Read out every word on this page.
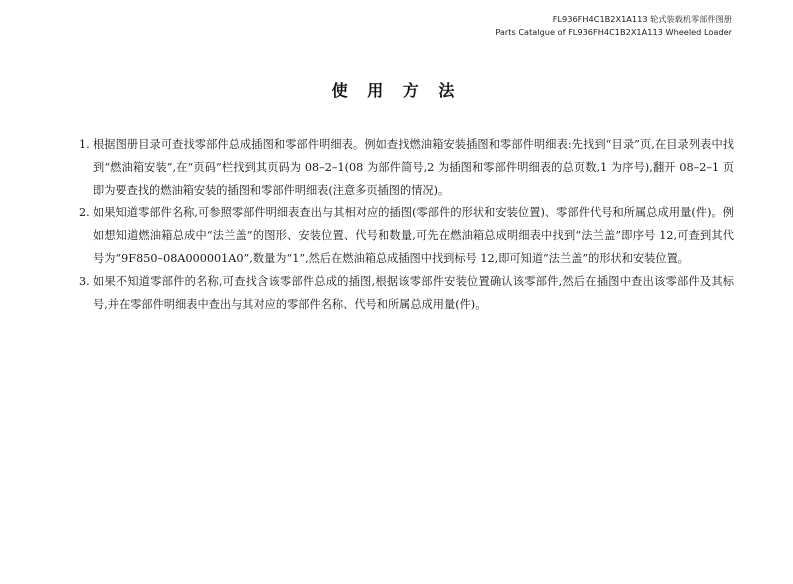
FL936FH4C1B2X1A113 轮式装载机零部件图册
Parts Catalgue of FL936FH4C1B2X1A113 Wheeled Loader
使 用 方 法
1. 根据图册目录可查找零部件总成插图和零部件明细表。例如查找燃油箱安装插图和零部件明细表:先找到“目录”页,在目录列表中找到“燃油箱安装”,在“页码”栏找到其页码为 08–2–1(08 为部件简号,2 为插图和零部件明细表的总页数,1 为序号),翻开 08–2–1 页即为要查找的燃油箱安装的插图和零部件明细表(注意多页插图的情况)。
2. 如果知道零部件名称,可参照零部件明细表查出与其相对应的插图(零部件的形状和安装位置)、零部件代号和所属总成用量(件)。例如想知道燃油箱总成中“法兰盖”的图形、安装位置、代号和数量,可先在燃油箱总成明细表中找到“法兰盖”即序号 12,可查到其代号为“9F850–08A000001A0”,数量为“1”,然后在燃油箱总成插图中找到标号 12,即可知道“法兰盖”的形状和安装位置。
3. 如果不知道零部件的名称,可查找含该零部件总成的插图,根据该零部件安装位置确认该零部件,然后在插图中查出该零部件及其标号,并在零部件明细表中查出与其对应的零部件名称、代号和所属总成用量(件)。
